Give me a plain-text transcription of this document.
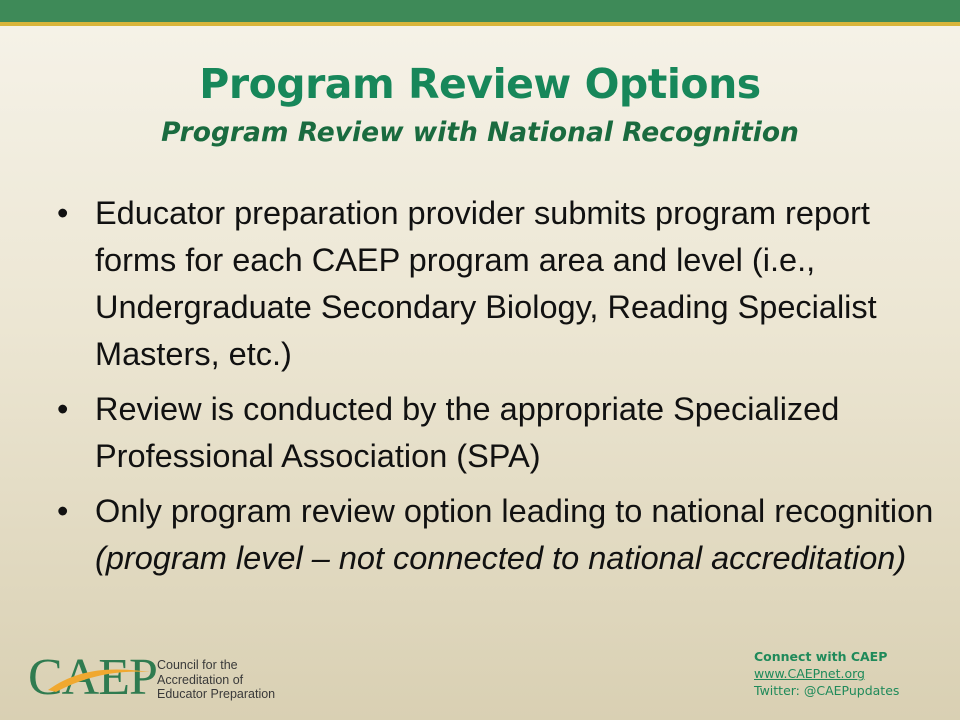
Program Review Options
Program Review with National Recognition
• Educator preparation provider submits program report forms for each CAEP program area and level (i.e., Undergraduate Secondary Biology, Reading Specialist Masters, etc.)
• Review is conducted by the appropriate Specialized Professional Association (SPA)
• Only program review option leading to national recognition (program level – not connected to national accreditation)
CAEP Council for the
Accreditation of
Educator Preparation
Connect with CAEP
www.CAEPnet.org
Twitter: @CAEPupdates
